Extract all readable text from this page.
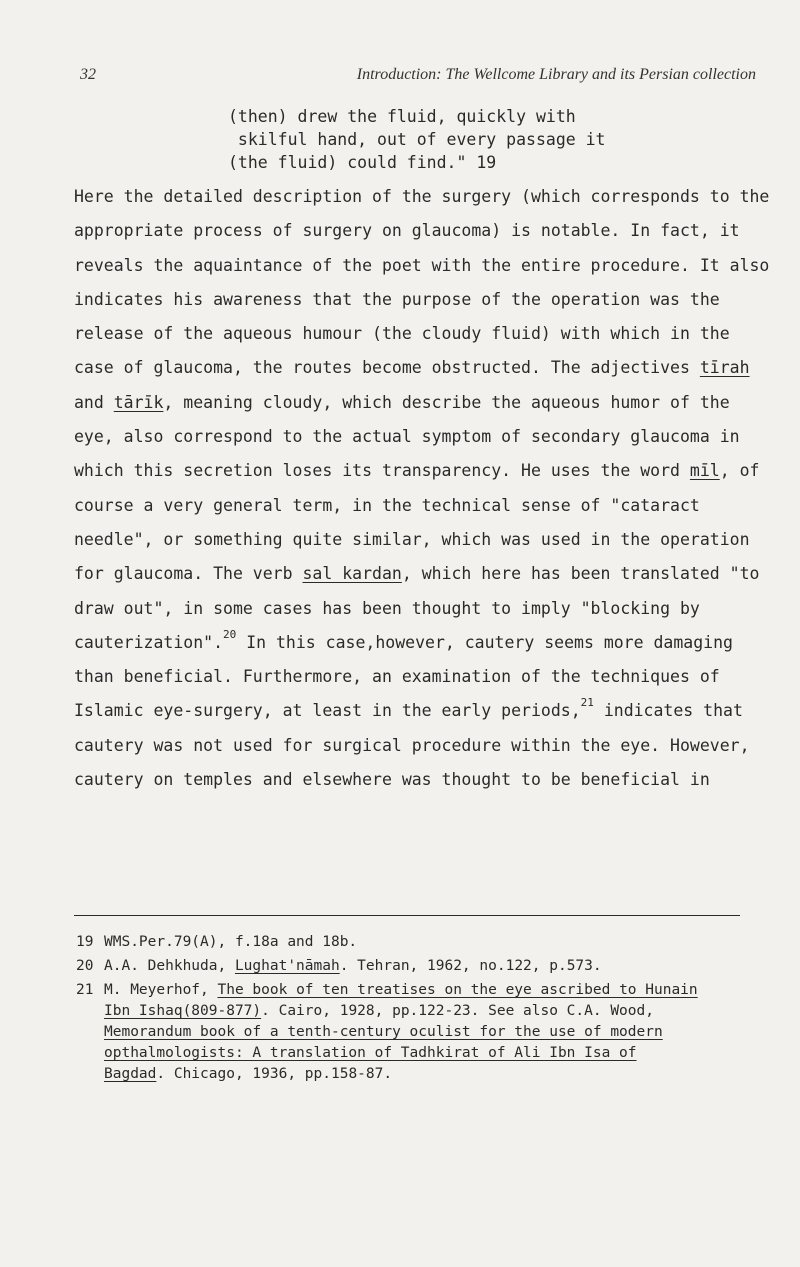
32	Introduction: The Wellcome Library and its Persian collection
(then) drew the fluid, quickly with
skilful hand, out of every passage it
(the fluid) could find." 19

Here the detailed description of the surgery (which corresponds to the appropriate process of surgery on glaucoma) is notable. In fact, it reveals the aquaintance of the poet with the entire procedure. It also indicates his awareness that the purpose of the operation was the release of the aqueous humour (the cloudy fluid) with which in the case of glaucoma, the routes become obstructed. The adjectives tīrah and tārīk, meaning cloudy, which describe the aqueous humor of the eye, also correspond to the actual symptom of secondary glaucoma in which this secretion loses its transparency. He uses the word mīl, of course a very general term, in the technical sense of "cataract needle", or something quite similar, which was used in the operation for glaucoma. The verb sal kardan, which here has been translated "to draw out", in some cases has been thought to imply "blocking by cauterization".$^{20}$ In this case,however, cautery seems more damaging than beneficial. Furthermore, an examination of the techniques of Islamic eye-surgery, at least in the early periods,$^{21}$ indicates that cautery was not used for surgical procedure within the eye. However, cautery on temples and elsewhere was thought to be beneficial in

19 WMS.Per.79(A), f.18a and 18b.
20 A.A. Dehkhuda, Lughat'nāmah. Tehran, 1962, no.122, p.573.
21 M. Meyerhof, The book of ten treatises on the eye ascribed to Hunain
Ibn Ishaq(809-877). Cairo, 1928, pp.122-23. See also C.A. Wood,
Memorandum book of a tenth-century oculist for the use of modern
opthalmologists: A translation of Tadhkirat of Ali Ibn Isa of
Bagdad. Chicago, 1936, pp.158-87.
